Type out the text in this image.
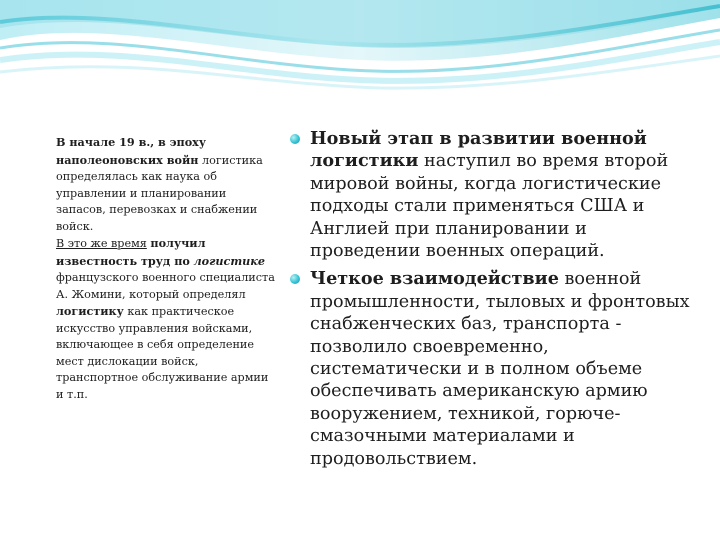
В начале 19 в., в эпоху наполеоновских войн логистика определялась как наука об управлении и планировании запасов, перевозках и снабжении войск.

В это же время получил известность труд по логистике французского военного специалиста А. Жомини, который определял логистику как практическое искусство управления войсками, включающее в себя определение мест дислокации войск, транспортное обслуживание армии и т.п.

Новый этап в развитии военной логистики наступил во время второй мировой войны, когда логистические подходы стали применяться США и Англией при планировании и проведении военных операций.
Четкое взаимодействие военной промышленности, тыловых и фронтовых снабженческих баз, транспорта - позволило своевременно, систематически и в полном объеме обеспечивать американскую армию вооружением, техникой, горюче-смазочными материалами и продовольствием.
